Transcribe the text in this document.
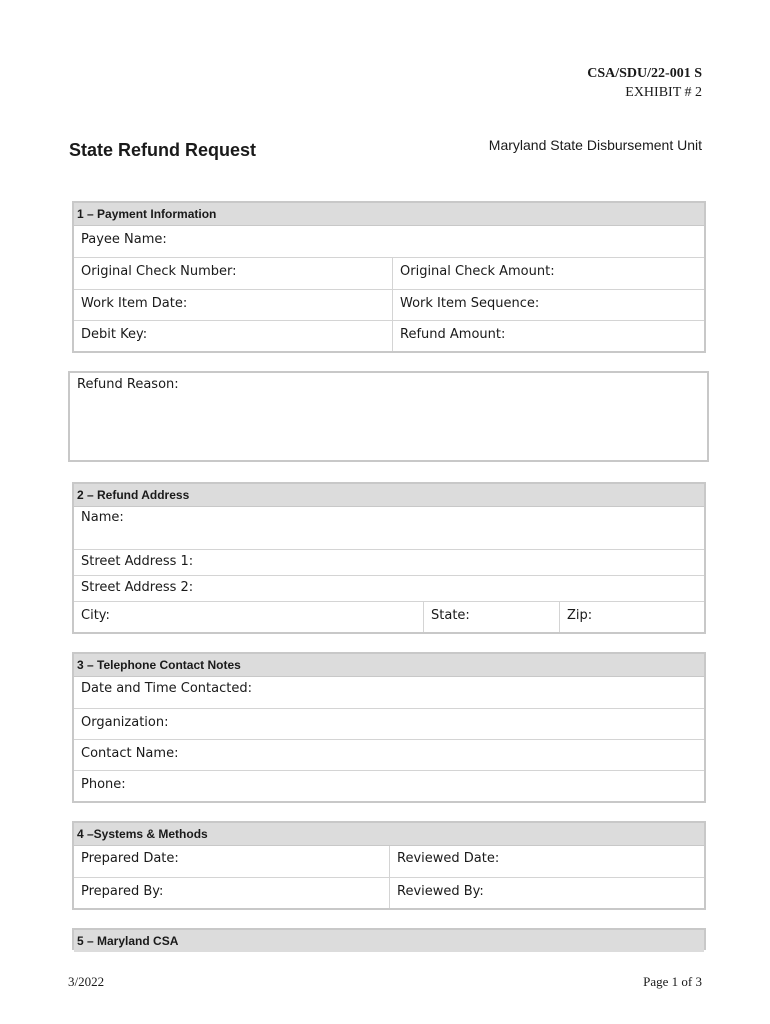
CSA/SDU/22-001 S
EXHIBIT # 2
State Refund Request	Maryland State Disbursement Unit
1 – Payment Information
Payee Name:
Original Check Number:	Original Check Amount:
Work Item Date:	Work Item Sequence:
Debit Key:	Refund Amount:
Refund Reason:
2 – Refund Address
Name:
Street Address 1:
Street Address 2:
City:	State:	Zip:
3 – Telephone Contact Notes
Date and Time Contacted:
Organization:
Contact Name:
Phone:
4 –Systems & Methods
Prepared Date:	Reviewed Date:
Prepared By:	Reviewed By:
5 – Maryland CSA
3/2022	Page 1 of 3
